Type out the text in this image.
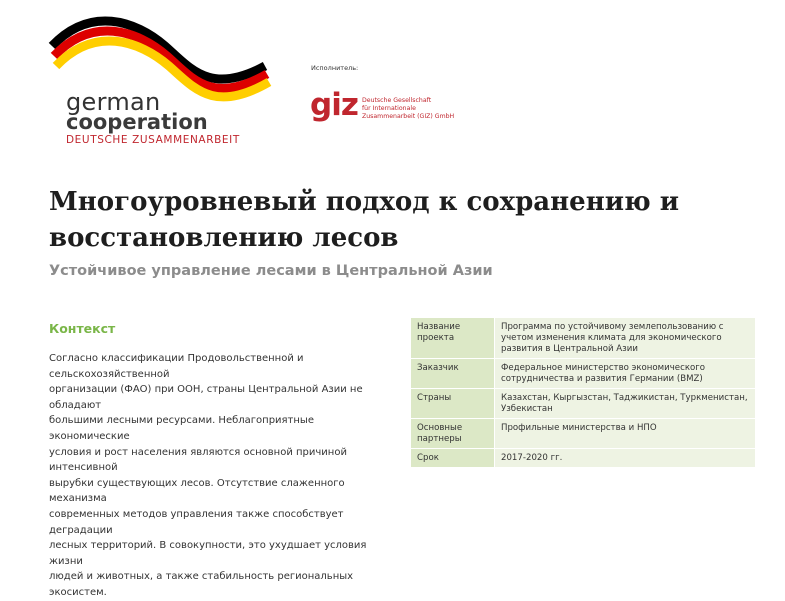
german
cooperation
DEUTSCHE ZUSAMMENARBEIT
Исполнитель:
giz Deutsche Gesellschaft
für Internationale
Zusammenarbeit (GIZ) GmbH
Многоуровневый подход к сохранению и
восстановлению лесов
Устойчивое управление лесами в Центральной Азии
Контекст

Согласно классификации Продовольственной и сельскохозяйственной
организации (ФАО) при ООН, страны Центральной Азии не обладают
большими лесными ресурсами. Неблагоприятные экономические
условия и рост населения являются основной причиной интенсивной
вырубки существующих лесов. Отсутствие слаженного механизма
современных методов управления также способствует деградации
лесных территорий. В совокупности, это ухудшает условия жизни
людей и животных, а также стабильность региональных экосистем.

Название проекта	Программа по устойчивому землепользованию с учетом изменения климата для экономического развития в Центральной Азии
Заказчик	Федеральное министерство экономического сотрудничества и развития Германии (BMZ)
Страны	Казахстан, Кыргызстан, Таджикистан, Туркменистан, Узбекистан
Основные партнеры	Профильные министерства и НПО
Срок	2017-2020 гг.
